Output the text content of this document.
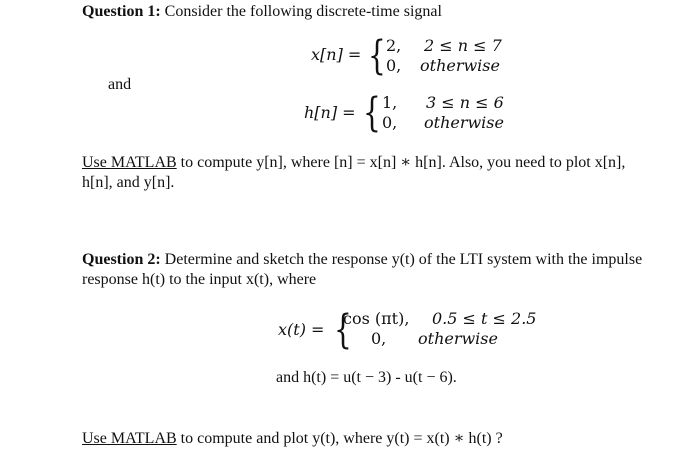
Question 1: Consider the following discrete-time signal
x[n] = { 2,
0,
2 ≤ n ≤ 7
otherwise
and
h[n] = { 1,
0,
3 ≤ n ≤ 6
otherwise
Use MATLAB to compute y[n], where [n] = x[n] ∗ h[n]. Also, you need to plot x[n],
h[n], and y[n].
Question 2: Determine and sketch the response y(t) of the LTI system with the impulse
response h(t) to the input x(t), where
x(t) = {
cos (πt),
0,
0.5 ≤ t ≤ 2.5
otherwise
and h(t) = u(t − 3) - u(t − 6).
Use MATLAB to compute and plot y(t), where y(t) = x(t) ∗ h(t) ?
